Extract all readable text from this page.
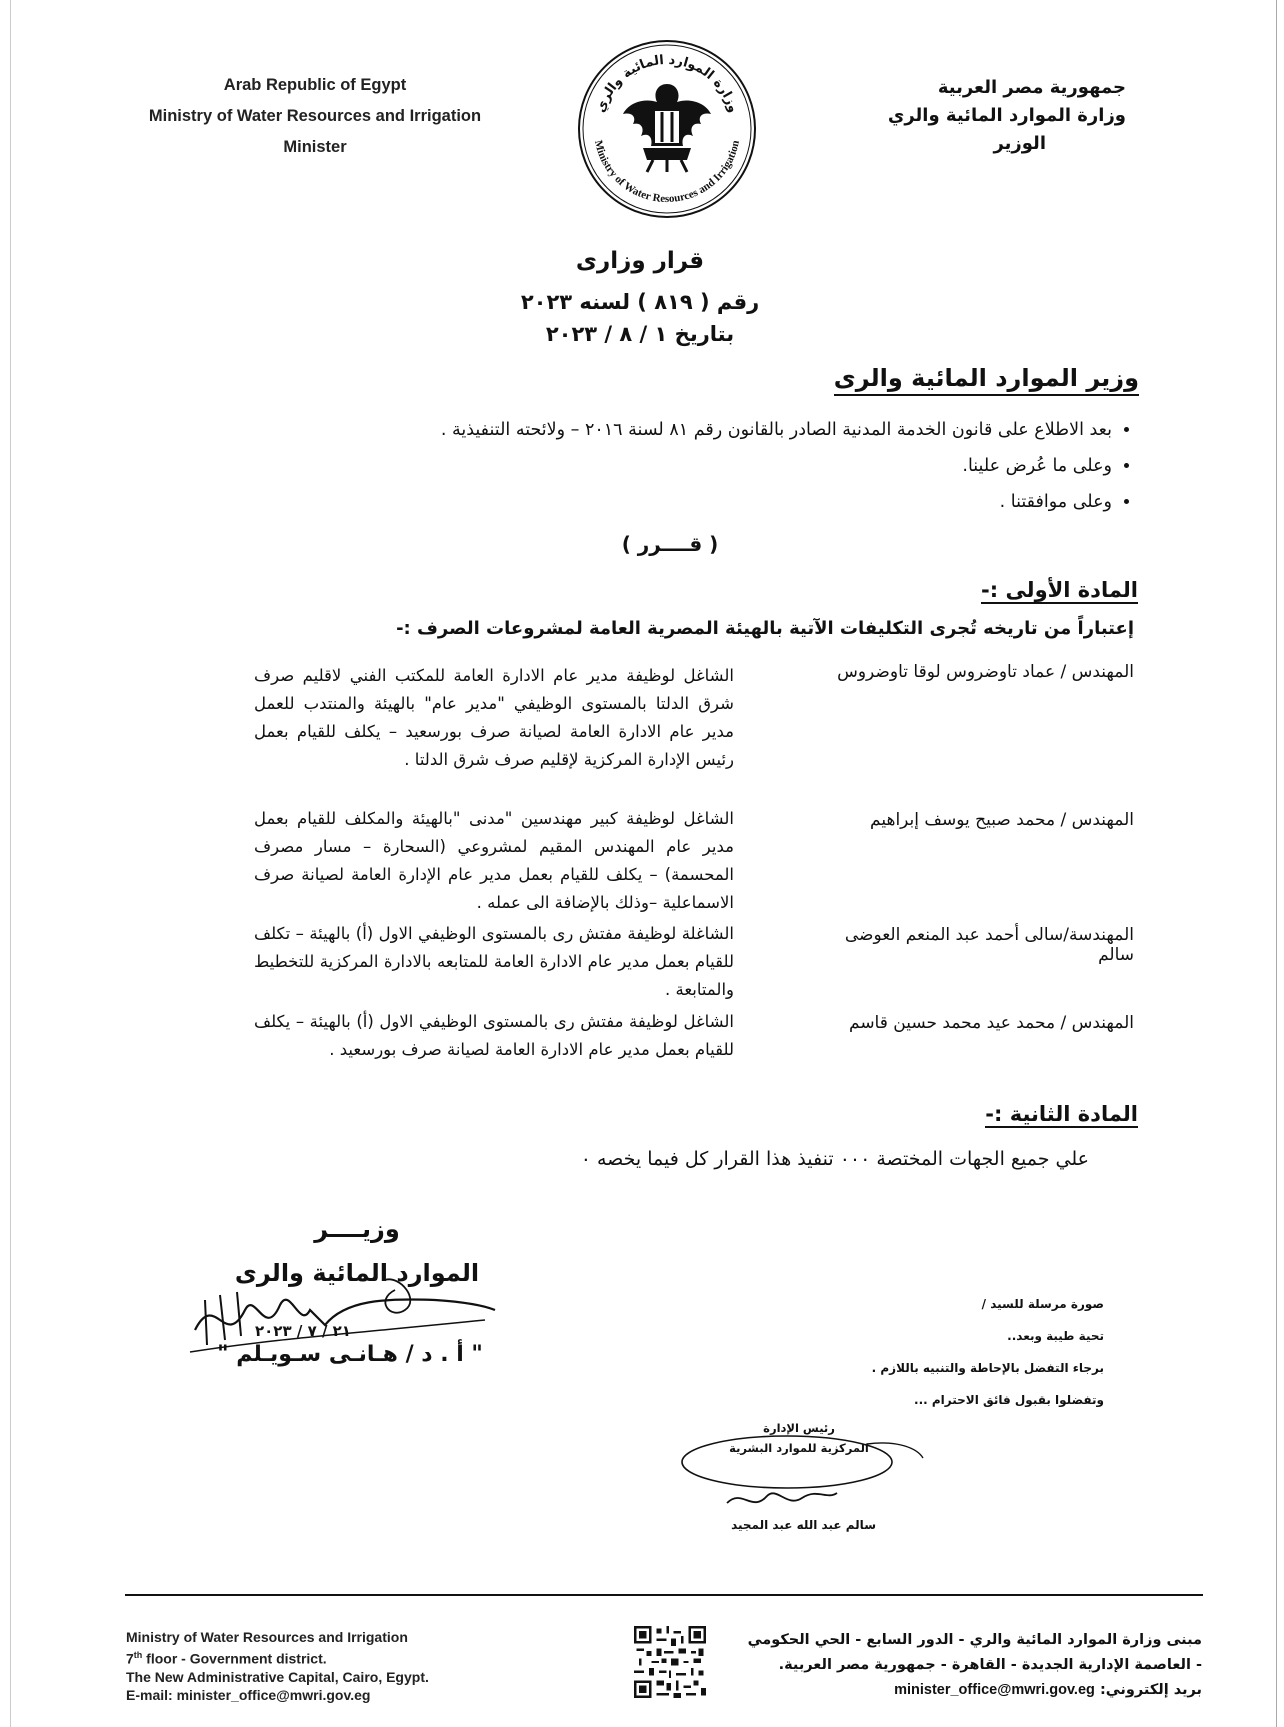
Arab Republic of Egypt
Ministry of Water Resources and Irrigation
Minister
وزارة الموارد المائية والري
Ministry of Water Resources and Irrigation
جمهورية مصر العربية
وزارة الموارد المائية والري
الوزير
قرار وزارى
رقم ( ٨١٩ ) لسنه ٢٠٢٣
بتاريخ ١ / ٨ / ٢٠٢٣
وزير الموارد المائية والرى
• بعد الاطلاع على قانون الخدمة المدنية الصادر بالقانون رقم ٨١ لسنة ٢٠١٦ – ولائحته التنفيذية .
• وعلى ما عُرض علينا.
• وعلى موافقتنا .
( قــــرر )
المادة الأولى :-
إعتباراً من تاريخه تُجرى التكليفات الآتية بالهيئة المصرية العامة لمشروعات الصرف :-
المهندس / عماد تاوضروس لوقا تاوضروس
الشاغل لوظيفة مدير عام الادارة العامة للمكتب الفني لاقليم صرف شرق الدلتا بالمستوى الوظيفي "مدير عام" بالهيئة والمنتدب للعمل مدير عام الادارة العامة لصيانة صرف بورسعيد – يكلف للقيام بعمل رئيس الإدارة المركزية لإقليم صرف شرق الدلتا .
المهندس / محمد صبيح يوسف إبراهيم
الشاغل لوظيفة كبير مهندسين "مدنى "بالهيئة والمكلف للقيام بعمل مدير عام المهندس المقيم لمشروعي (السحارة – مسار مصرف المحسمة) – يكلف للقيام بعمل مدير عام الإدارة العامة لصيانة صرف الاسماعلية –وذلك بالإضافة الى عمله .
المهندسة/سالى أحمد عبد المنعم العوضى سالم
الشاغلة لوظيفة مفتش رى بالمستوى الوظيفي الاول (أ) بالهيئة – تكلف للقيام بعمل مدير عام الادارة العامة للمتابعه بالادارة المركزية للتخطيط والمتابعة .
المهندس / محمد عيد محمد حسين قاسم
الشاغل لوظيفة مفتش رى بالمستوى الوظيفي الاول (أ) بالهيئة – يكلف للقيام بعمل مدير عام الادارة العامة لصيانة صرف بورسعيد .
المادة الثانية :-
علي جميع الجهات المختصة ٠٠٠ تنفيذ هذا القرار كل فيما يخصه ٠
وزيــــر
الموارد المائية والرى
٢١ / ٧ / ٢٠٢٣
" أ . د / هـانـى سـويـلم "
صورة مرسلة للسيد /
تحية طيبة وبعد..
برجاء التفضل بالإحاطة والتنبيه باللازم .
وتفضلوا بقبول فائق الاحترام ...
رئيس الإدارة
المركزية للموارد البشرية
سالم عبد الله عبد المجيد
Ministry of Water Resources and Irrigation
7th floor - Government district.
The New Administrative Capital, Cairo, Egypt.
E-mail: minister_office@mwri.gov.eg
مبنى وزارة الموارد المائية والري - الدور السابع - الحي الحكومي
- العاصمة الإدارية الجديدة - القاهرة - جمهورية مصر العربية.
بريد إلكتروني: minister_office@mwri.gov.eg
